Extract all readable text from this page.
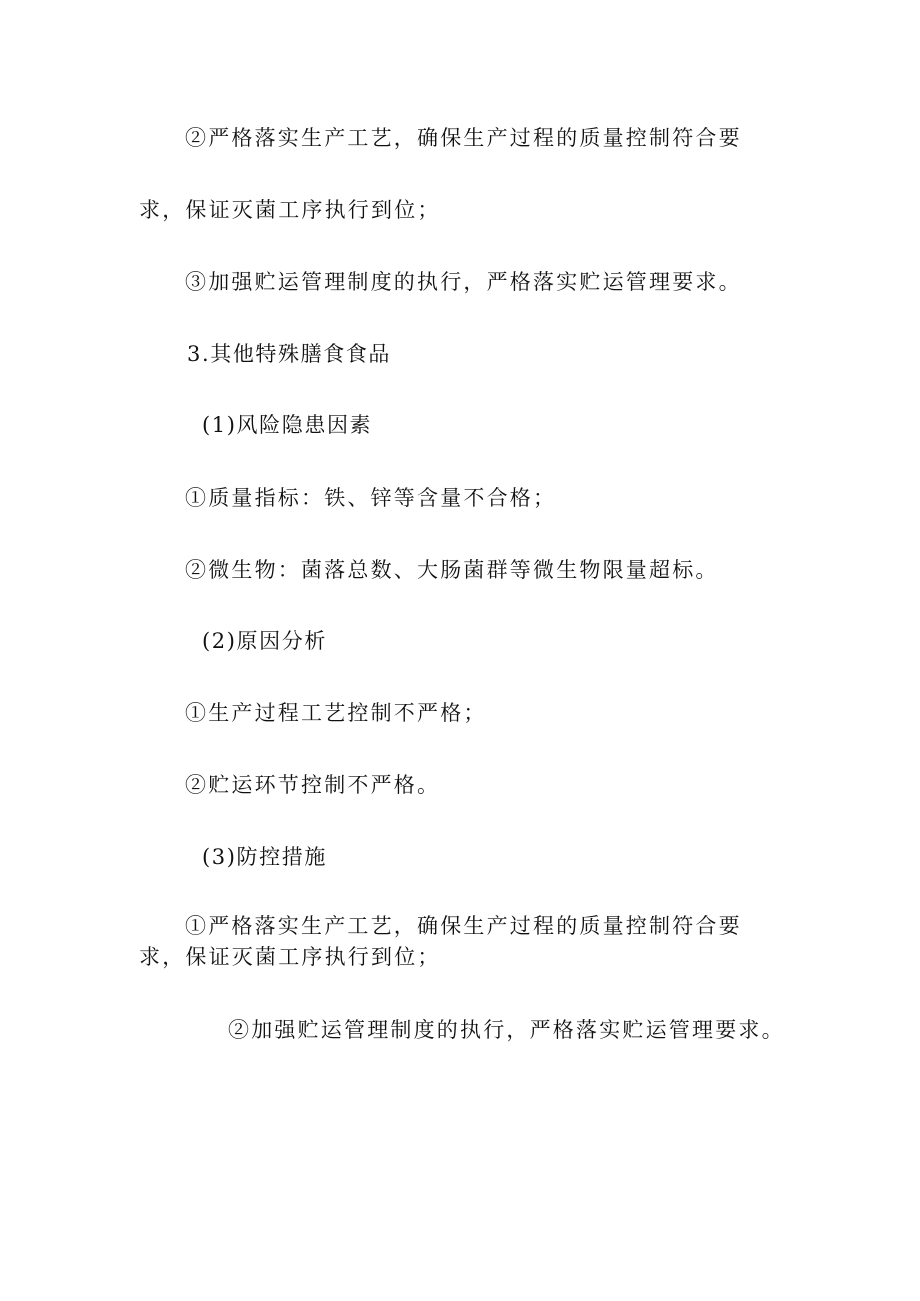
②严格落实生产工艺，确保生产过程的质量控制符合要
求，保证灭菌工序执行到位；
③加强贮运管理制度的执行，严格落实贮运管理要求。
3.其他特殊膳食食品
(1)风险隐患因素
①质量指标：铁、锌等含量不合格；
②微生物：菌落总数、大肠菌群等微生物限量超标。
(2)原因分析
①生产过程工艺控制不严格；
②贮运环节控制不严格。
(3)防控措施
①严格落实生产工艺，确保生产过程的质量控制符合要
求，保证灭菌工序执行到位；
②加强贮运管理制度的执行，严格落实贮运管理要求。
